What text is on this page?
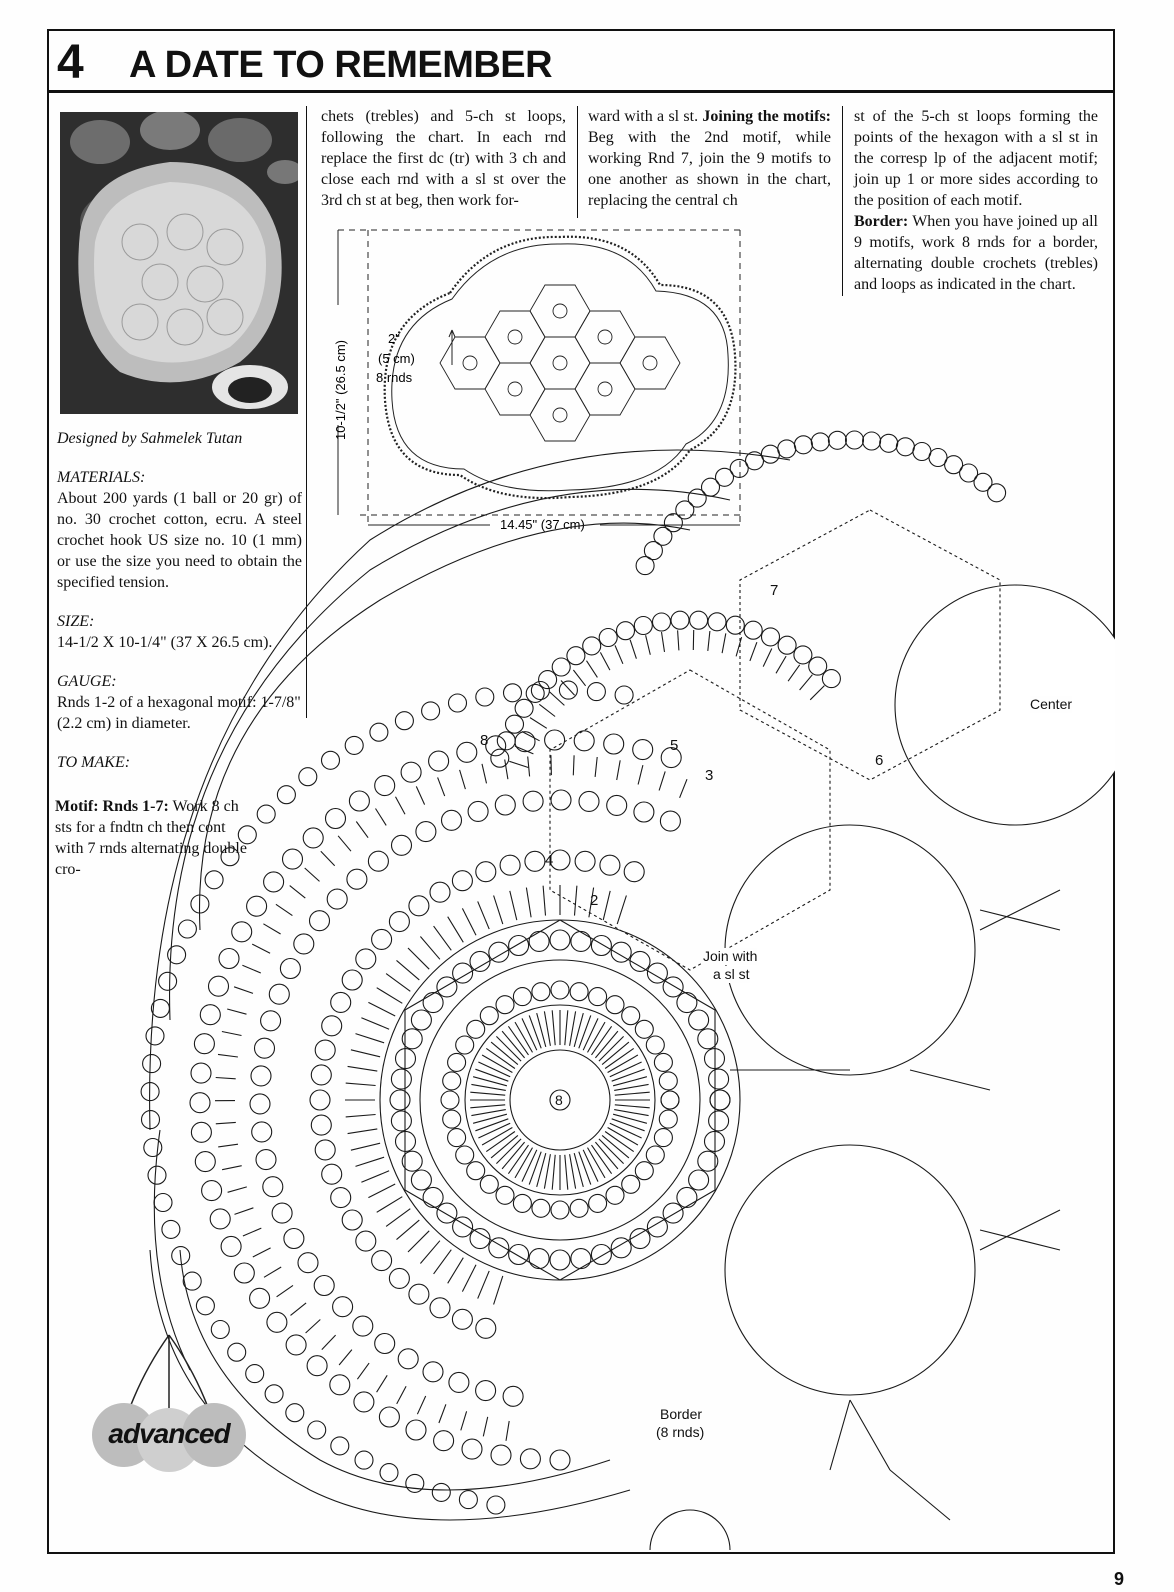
4 A DATE TO REMEMBER

Designed by Sahmelek Tutan

MATERIALS:

About 200 yards (1 ball or 20 gr) of no. 30 crochet cotton, ecru. A steel crochet hook US size no. 10 (1 mm) or use the size you need to obtain the specified tension.

SIZE:

14-1/2 X 10-1/4" (37 X 26.5 cm).

GAUGE:

Rnds 1-2 of a hexagonal motif: 1-7/8" (2.2 cm) in diameter.

TO MAKE:
Motif: Rnds 1-7: Work 8 ch sts for a fndtn ch then cont with 7 rnds alternating double cro-
chets (trebles) and 5-ch st loops, following the chart. In each rnd replace the first dc (tr) with 3 ch and close each rnd with a sl st over the 3rd ch st at beg, then work for-
ward with a sl st. Joining the motifs: Beg with the 2nd motif, while working Rnd 7, join the 9 motifs to one another as shown in the chart, replacing the central ch
st of the 5-ch st loops forming the points of the hexagon with a sl st in the corresp lp of the adjacent motif; join up 1 or more sides according to the position of each motif.
Border: When you have joined up all 9 motifs, work 8 rnds for a border, alternating double crochets (trebles) and loops as indicated in the chart.
10-1/2" (26.5 cm)
14.45" (37 cm)
2"
(5 cm)
8 rnds
7
5
3
6
2
4
8
Center
Join with
a sl st
Border
(8 rnds)
8
advanced
9
